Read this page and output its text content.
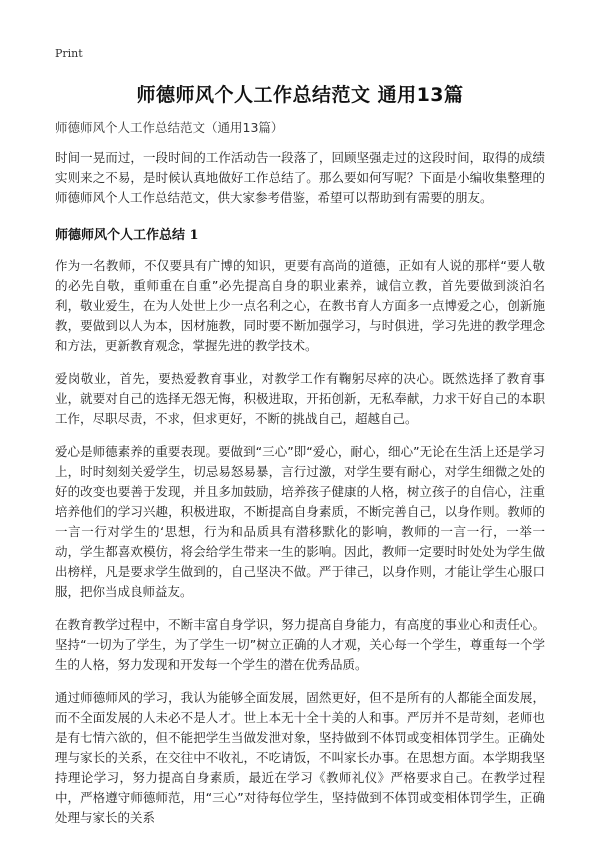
Print
师德师风个人工作总结范文 通用13篇
师德师风个人工作总结范文（通用13篇）

时间一晃而过，一段时间的工作活动告一段落了，回顾坚强走过的这段时间，取得的成绩实则来之不易，是时候认真地做好工作总结了。那么要如何写呢？下面是小编收集整理的师德师风个人工作总结范文，供大家参考借鉴，希望可以帮助到有需要的朋友。

师德师风个人工作总结 1

作为一名教师，不仅要具有广博的知识，更要有高尚的道德，正如有人说的那样“要人敬的必先自敬，重师重在自重”必先提高自身的职业素养，诚信立教，首先要做到淡泊名利，敬业爱生，在为人处世上少一点名利之心，在教书育人方面多一点博爱之心，创新施教，要做到以人为本，因材施教，同时要不断加强学习，与时俱进，学习先进的教学理念和方法，更新教育观念，掌握先进的教学技术。

爱岗敬业，首先，要热爱教育事业，对教学工作有鞠躬尽瘁的决心。既然选择了教育事业，就要对自己的选择无怨无悔，积极进取，开拓创新，无私奉献，力求干好自己的本职工作，尽职尽责，不求，但求更好，不断的挑战自己，超越自己。

爱心是师德素养的重要表现。要做到“三心”即“爱心，耐心，细心”无论在生活上还是学习上，时时刻刻关爱学生，切忌易怒易暴，言行过激，对学生要有耐心，对学生细微之处的好的改变也要善于发现，并且多加鼓励，培养孩子健康的人格，树立孩子的自信心，注重培养他们的学习兴趣，积极进取，不断提高自身素质，不断完善自己，以身作则。教师的一言一行对学生的‘思想，行为和品质具有潜移默化的影响，教师的一言一行，一举一动，学生都喜欢模仿，将会给学生带来一生的影响。因此，教师一定要时时处处为学生做出榜样，凡是要求学生做到的，自己坚决不做。严于律己，以身作则，才能让学生心服口服，把你当成良师益友。

在教育教学过程中，不断丰富自身学识，努力提高自身能力，有高度的事业心和责任心。坚持“一切为了学生，为了学生一切”树立正确的人才观，关心每一个学生，尊重每一个学生的人格，努力发现和开发每一个学生的潜在优秀品质。

通过师德师风的学习，我认为能够全面发展，固然更好，但不是所有的人都能全面发展，而不全面发展的人未必不是人才。世上本无十全十美的人和事。严厉并不是苛刻，老师也是有七情六欲的，但不能把学生当做发泄对象，坚持做到不体罚或变相体罚学生。正确处理与家长的关系，在交往中不收礼，不吃请饭，不叫家长办事。在思想方面。本学期我坚持理论学习，努力提高自身素质，最近在学习《教师礼仪》严格要求自己。在教学过程中，严格遵守师德师范，用“三心”对待每位学生，坚持做到不体罚或变相体罚学生，正确处理与家长的关系
